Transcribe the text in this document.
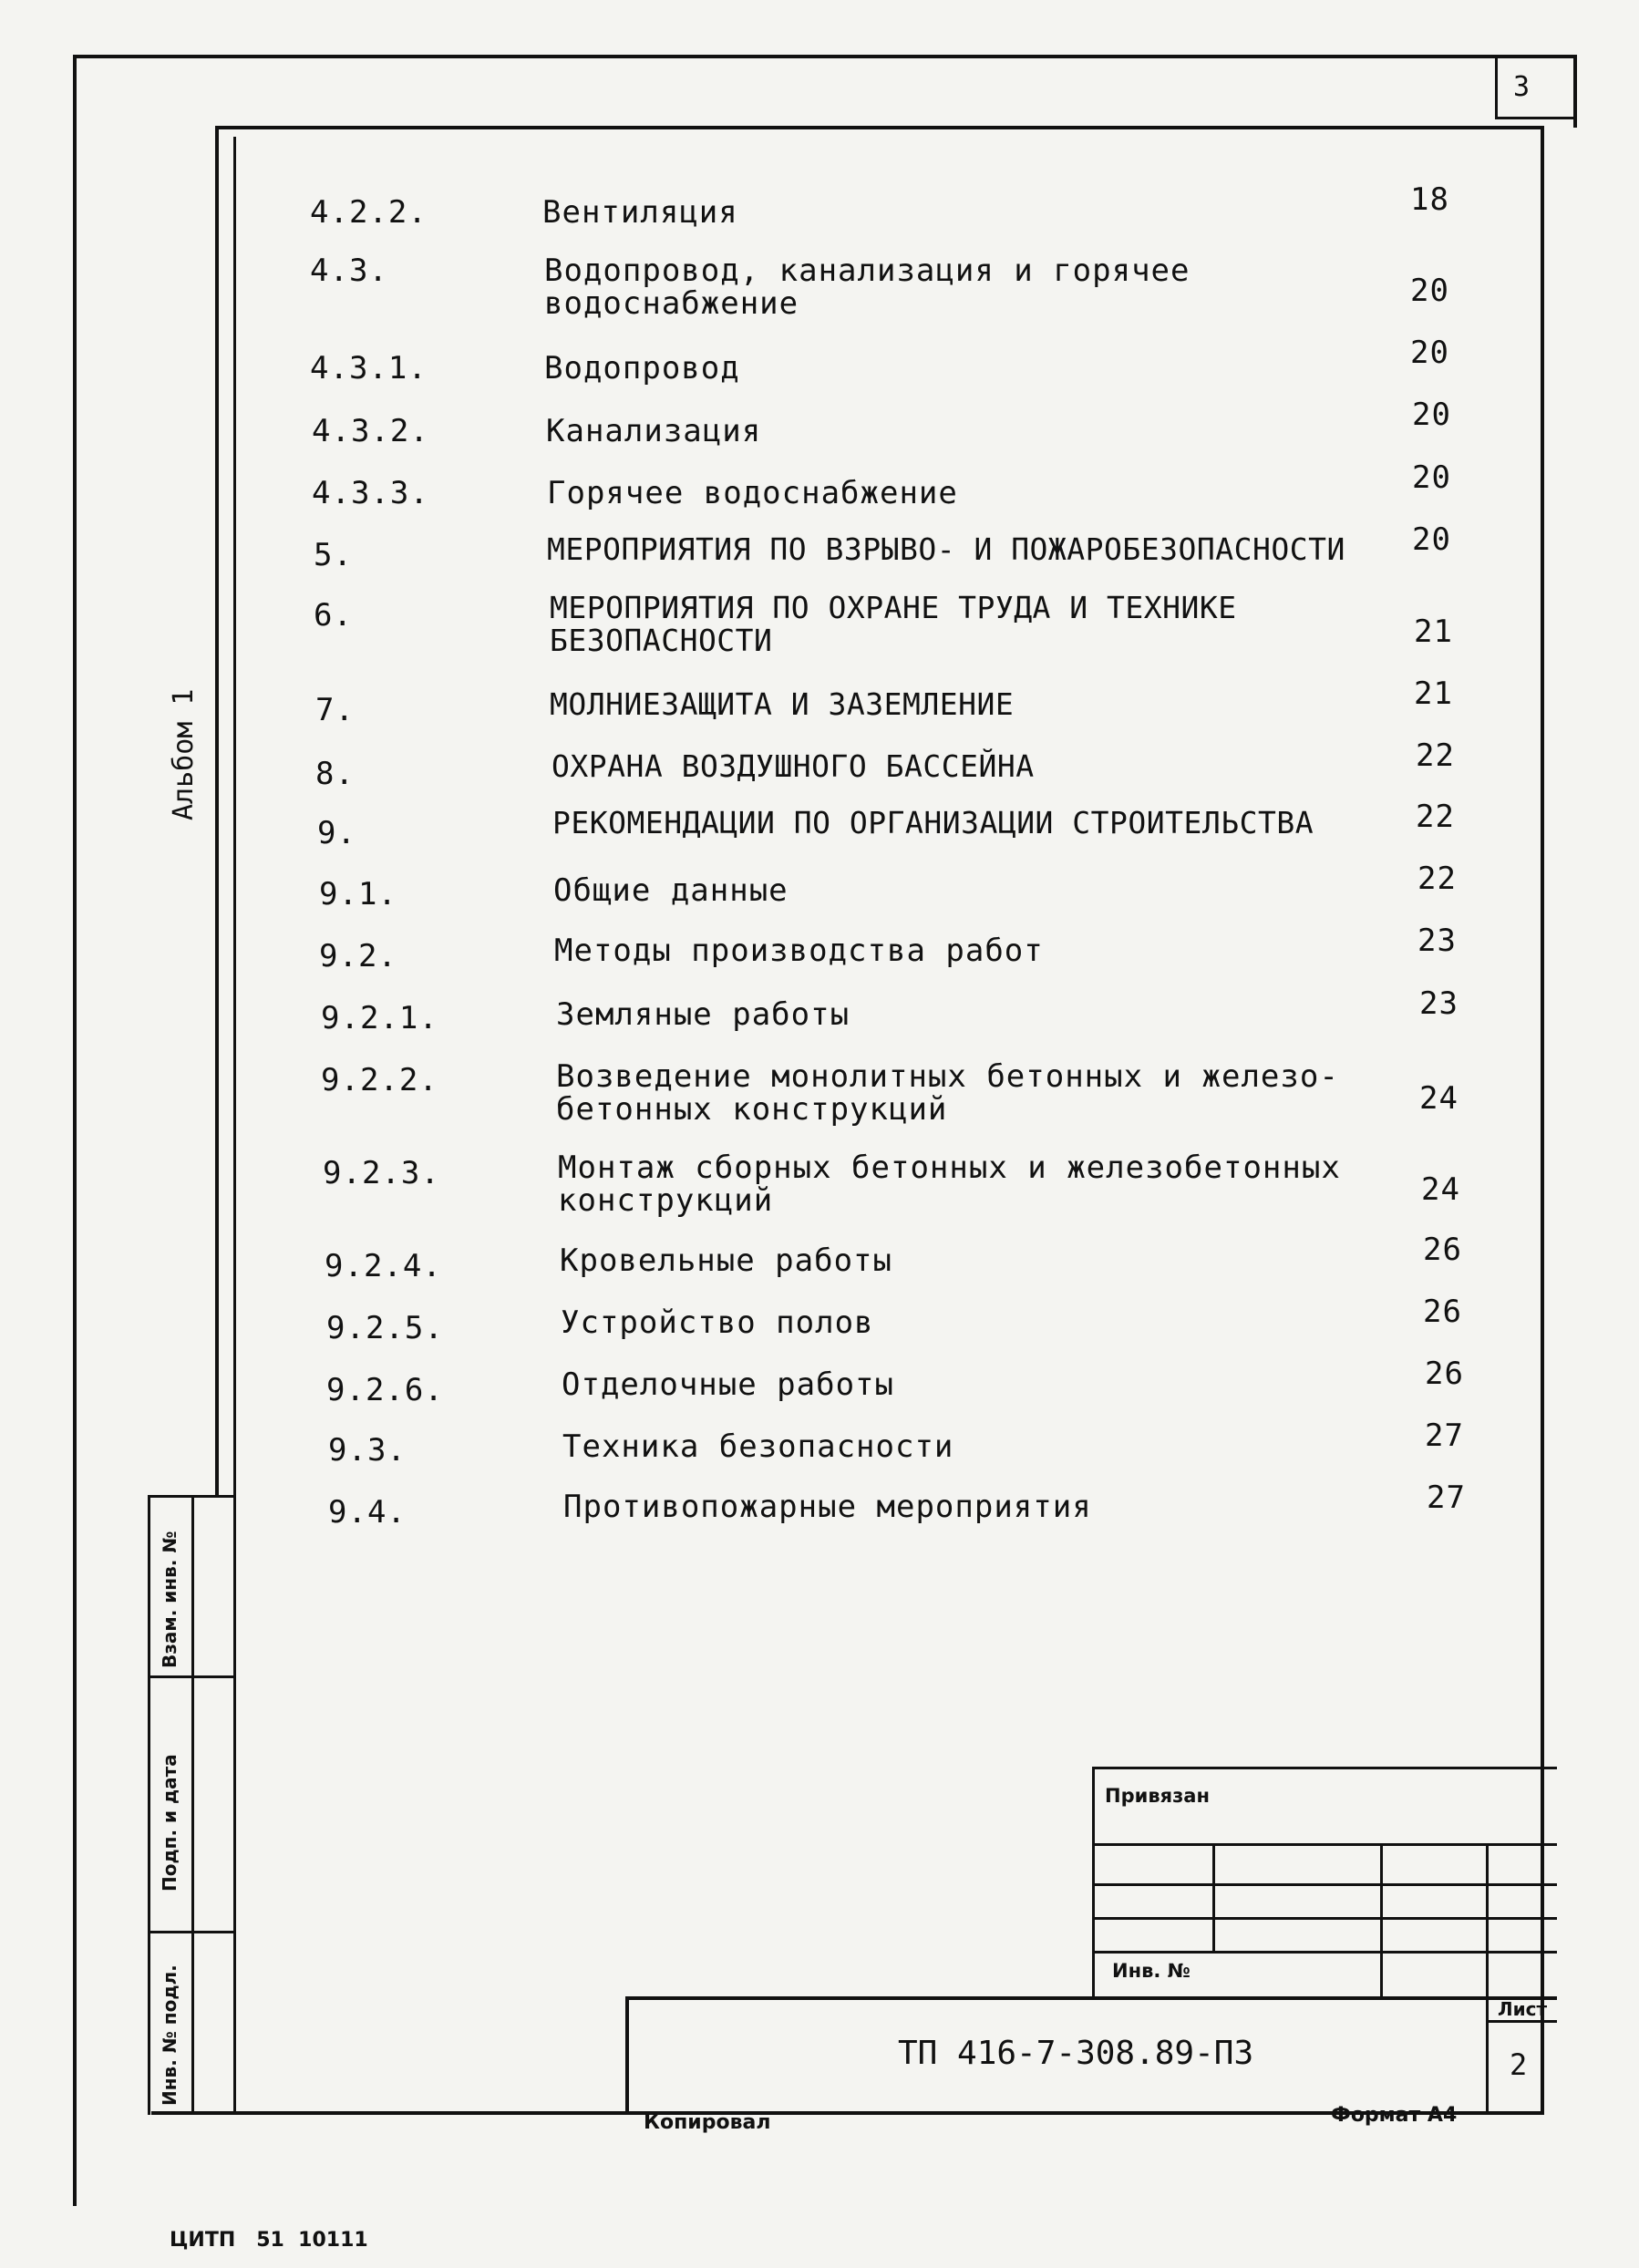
3
Альбом 1
Взам. инв. №
Подп. и дата
Инв. № подл.
4.2.2.	Вентиляция	18
4.3.	Водопровод, канализация и горячее
водоснабжение	20
4.3.1.	Водопровод	20
4.3.2.	Канализация	20
4.3.3.	Горячее водоснабжение	20
5.	МЕРОПРИЯТИЯ ПО ВЗРЫВО- И ПОЖАРОБЕЗОПАСНОСТИ	20
6.	МЕРОПРИЯТИЯ ПО ОХРАНЕ ТРУДА И ТЕХНИКЕ
БЕЗОПАСНОСТИ	21
7.	МОЛНИЕЗАЩИТА И ЗАЗЕМЛЕНИЕ	21
8.	ОХРАНА ВОЗДУШНОГО БАССЕЙНА	22
9.	РЕКОМЕНДАЦИИ ПО ОРГАНИЗАЦИИ СТРОИТЕЛЬСТВА	22
9.1.	Общие данные	22
9.2.	Методы производства работ	23
9.2.1.	Земляные работы	23
9.2.2.	Возведение монолитных бетонных и железо-
бетонных конструкций	24
9.2.3.	Монтаж сборных бетонных и железобетонных
конструкций	24
9.2.4.	Кровельные работы	26
9.2.5.	Устройство полов	26
9.2.6.	Отделочные работы	26
9.3.	Техника безопасности	27
9.4.	Противопожарные мероприятия	27
Привязан
Инв. №
ТП 416-7-308.89-ПЗ
Лист
2
Копировал	Формат А4
ЦИТП   51  10111
